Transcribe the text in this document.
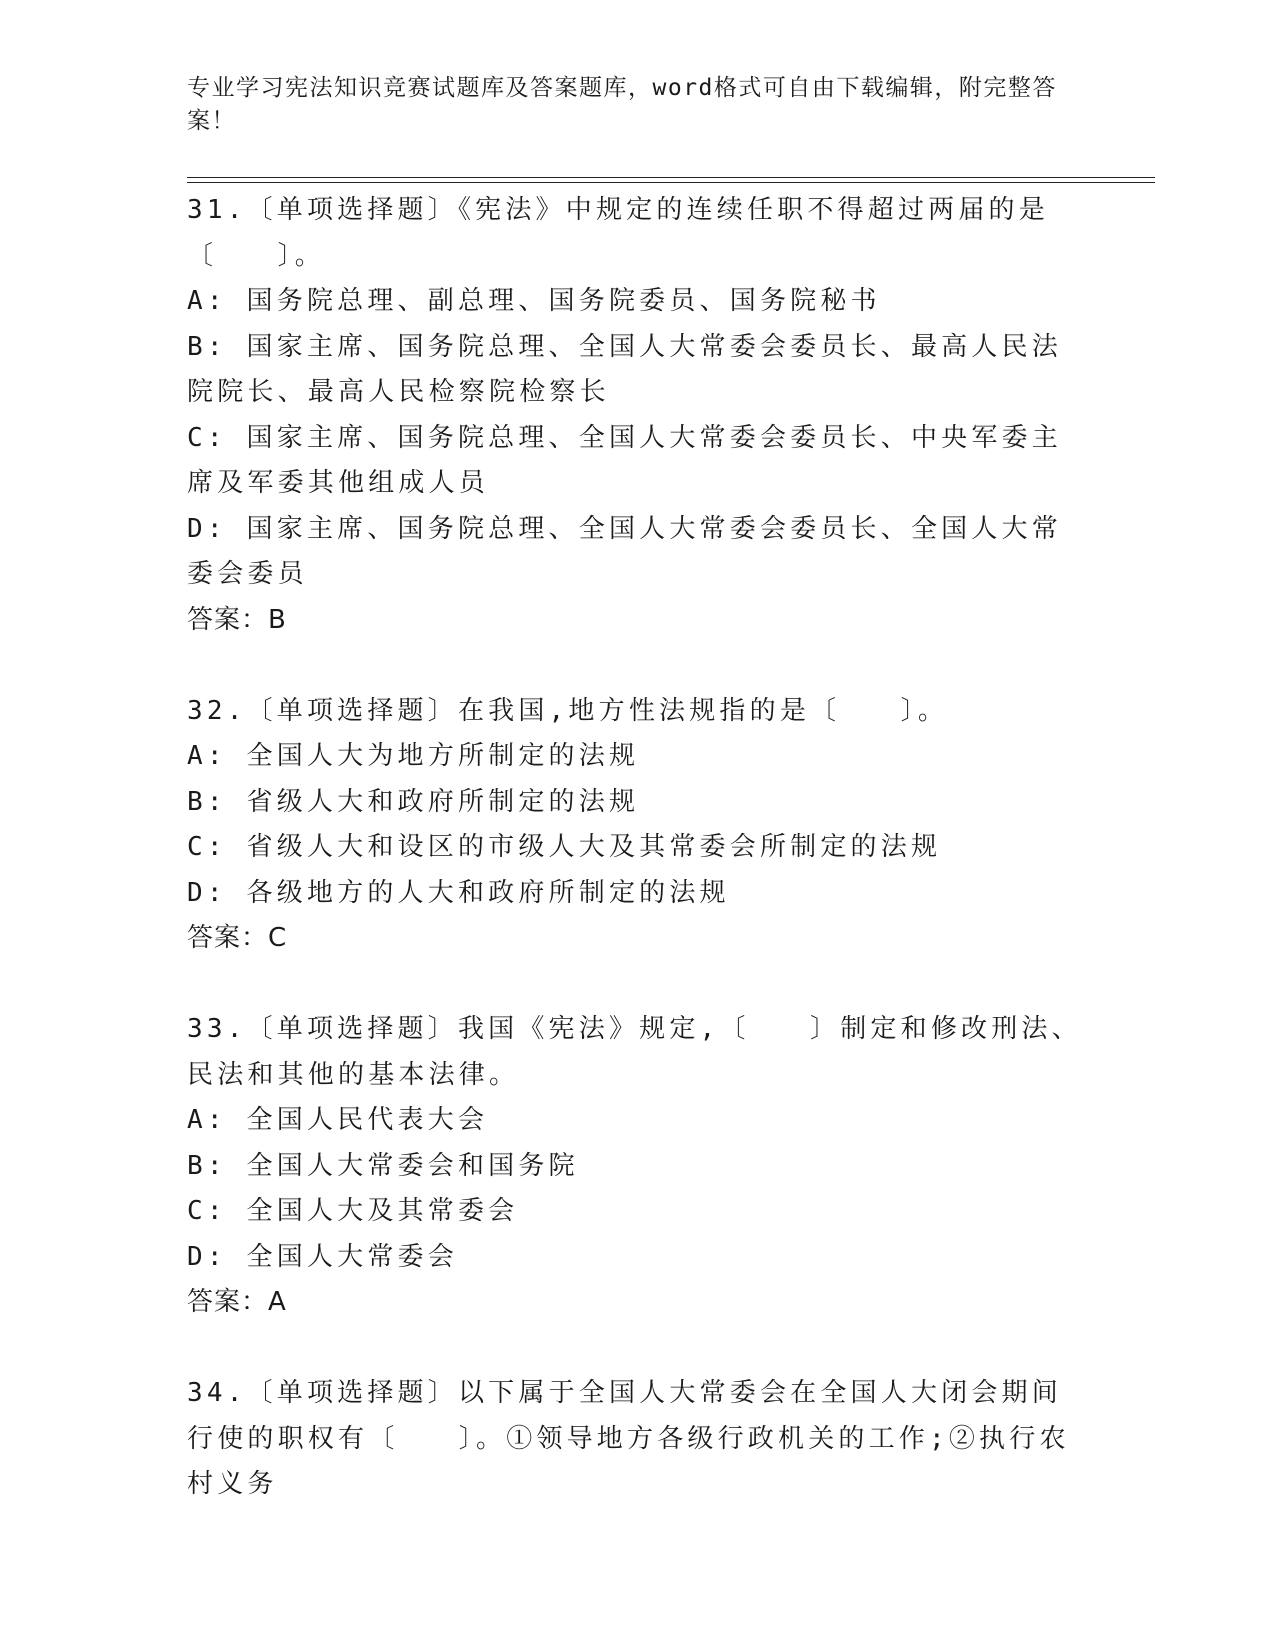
专业学习宪法知识竞赛试题库及答案题库，word格式可自由下载编辑，附完整答案！
31.〔单项选择题〕《宪法》中规定的连续任职不得超过两届的是〔　　〕。
A: 国务院总理、副总理、国务院委员、国务院秘书
B: 国家主席、国务院总理、全国人大常委会委员长、最高人民法院院长、最高人民检察院检察长
C: 国家主席、国务院总理、全国人大常委会委员长、中央军委主席及军委其他组成人员
D: 国家主席、国务院总理、全国人大常委会委员长、全国人大常委会委员
答案：B
32.〔单项选择题〕在我国,地方性法规指的是〔　　〕。
A: 全国人大为地方所制定的法规
B: 省级人大和政府所制定的法规
C: 省级人大和设区的市级人大及其常委会所制定的法规
D: 各级地方的人大和政府所制定的法规
答案：C
33.〔单项选择题〕我国《宪法》规定,〔　　〕制定和修改刑法、民法和其他的基本法律。
A: 全国人民代表大会
B: 全国人大常委会和国务院
C: 全国人大及其常委会
D: 全国人大常委会
答案：A
34.〔单项选择题〕以下属于全国人大常委会在全国人大闭会期间行使的职权有〔　　〕。①领导地方各级行政机关的工作;②执行农村义务
